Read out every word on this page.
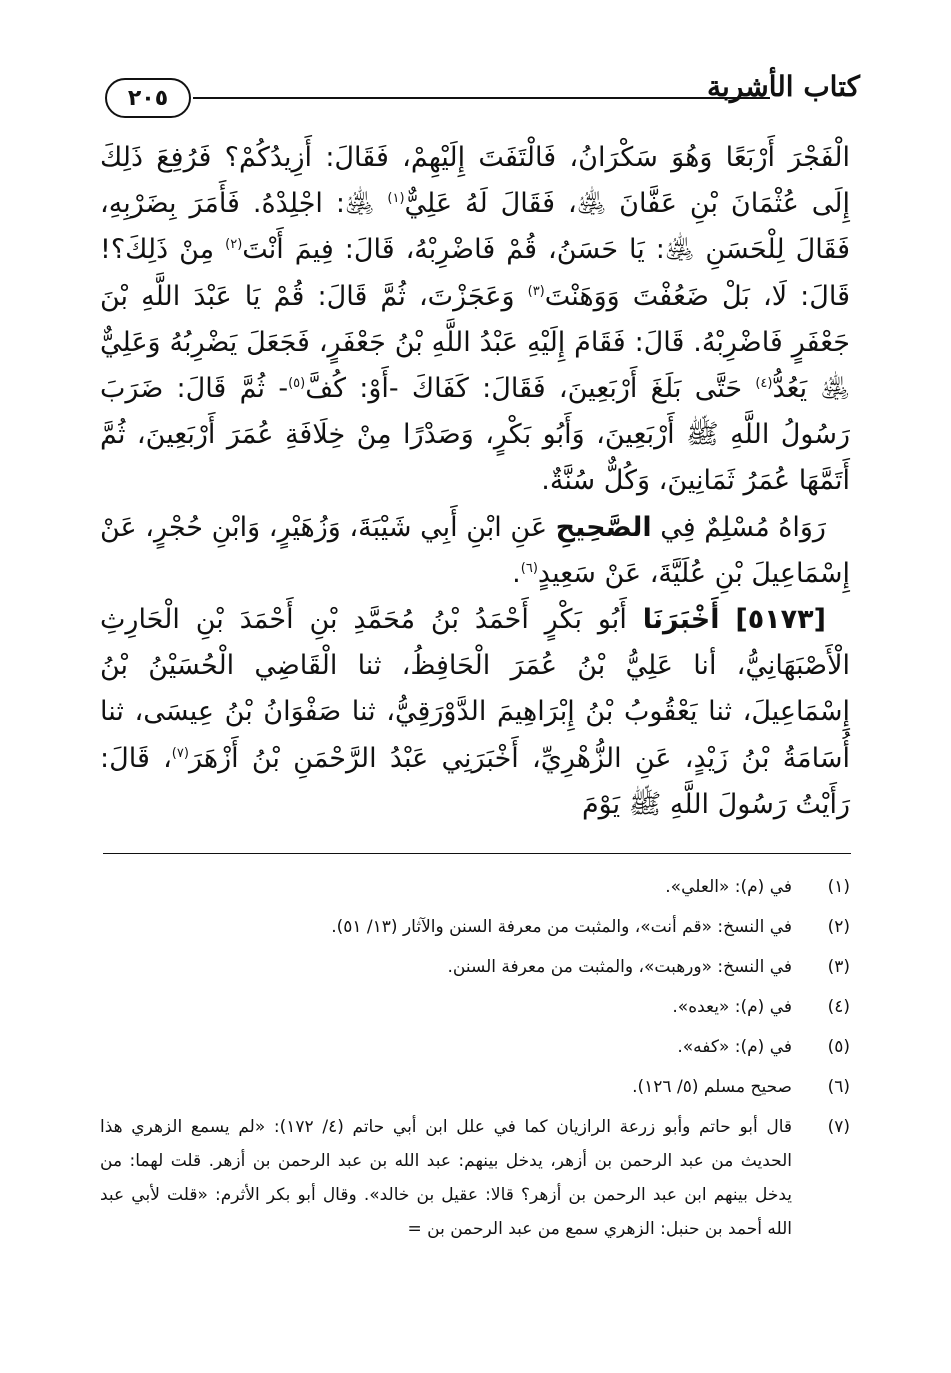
٢٠٥	كتاب الأشربة

الْفَجْرَ أَرْبَعًا وَهُوَ سَكْرَانُ، فَالْتَفَتَ إِلَيْهِمْ، فَقَالَ: أَزِيدُكُمْ؟ فَرُفِعَ ذَلِكَ إِلَى عُثْمَانَ بْنِ عَفَّانَ ﵁، فَقَالَ لَهُ عَلِيٌّ$^{(١)}$ ﵁: اجْلِدْهُ. فَأَمَرَ بِضَرْبِهِ، فَقَالَ لِلْحَسَنِ ﵁: يَا حَسَنُ، قُمْ فَاضْرِبْهُ، قَالَ: فِيمَ أَنْتَ$^{(٢)}$ مِنْ ذَلِكَ؟! قَالَ: لَا، بَلْ ضَعُفْتَ وَوَهَنْتَ$^{(٣)}$ وَعَجَزْتَ، ثُمَّ قَالَ: قُمْ يَا عَبْدَ اللَّهِ بْنَ جَعْفَرٍ فَاضْرِبْهُ. قَالَ: فَقَامَ إِلَيْهِ عَبْدُ اللَّهِ بْنُ جَعْفَرٍ، فَجَعَلَ يَضْرِبُهُ وَعَلِيٌّ ﵁ يَعُدُّ$^{(٤)}$ حَتَّى بَلَغَ أَرْبَعِينَ، فَقَالَ: كَفَاكَ -أَوْ: كُفَّ$^{(٥)}$- ثُمَّ قَالَ: ضَرَبَ رَسُولُ اللَّهِ ﷺ أَرْبَعِينَ، وَأَبُو بَكْرٍ، وَصَدْرًا مِنْ خِلَافَةِ عُمَرَ أَرْبَعِينَ، ثُمَّ أَتَمَّهَا عُمَرُ ثَمَانِينَ، وَكُلٌّ سُنَّةٌ.

رَوَاهُ مُسْلِمٌ فِي الصَّحِيحِ عَنِ ابْنِ أَبِي شَيْبَةَ، وَزُهَيْرٍ، وَابْنِ حُجْرٍ، عَنْ إِسْمَاعِيلَ بْنِ عُلَيَّةَ، عَنْ سَعِيدٍ$^{(٦)}$.

[٥١٧٣] أَخْبَرَنَا أَبُو بَكْرٍ أَحْمَدُ بْنُ مُحَمَّدِ بْنِ أَحْمَدَ بْنِ الْحَارِثِ الْأَصْبَهَانِيُّ، أنا عَلِيُّ بْنُ عُمَرَ الْحَافِظُ، ثنا الْقَاضِي الْحُسَيْنُ بْنُ إِسْمَاعِيلَ، ثنا يَعْقُوبُ بْنُ إِبْرَاهِيمَ الدَّوْرَقِيُّ، ثنا صَفْوَانُ بْنُ عِيسَى، ثنا أُسَامَةُ بْنُ زَيْدٍ، عَنِ الزُّهْرِيِّ، أَخْبَرَنِي عَبْدُ الرَّحْمَنِ بْنُ أَزْهَرَ$^{(٧)}$، قَالَ: رَأَيْتُ رَسُولَ اللَّهِ ﷺ يَوْمَ

(١)
في (م): «العلي».
(٢)
في النسخ: «قم أنت»، والمثبت من معرفة السنن والآثار (١٣/ ٥١).
(٣)
في النسخ: «ورهبت»، والمثبت من معرفة السنن.
(٤)
في (م): «يعده».
(٥)
في (م): «كفه».
(٦)
صحيح مسلم (٥/ ١٢٦).
(٧)
قال أبو حاتم وأبو زرعة الرازيان كما في علل ابن أبي حاتم (٤/ ١٧٢): «لم يسمع الزهري هذا الحديث من عبد الرحمن بن أزهر، يدخل بينهم: عبد الله بن عبد الرحمن بن أزهر. قلت لهما: من يدخل بينهم ابن عبد الرحمن بن أزهر؟ قالا: عقيل بن خالد». وقال أبو بكر الأثرم: «قلت لأبي عبد الله أحمد بن حنبل: الزهري سمع من عبد الرحمن بن =
